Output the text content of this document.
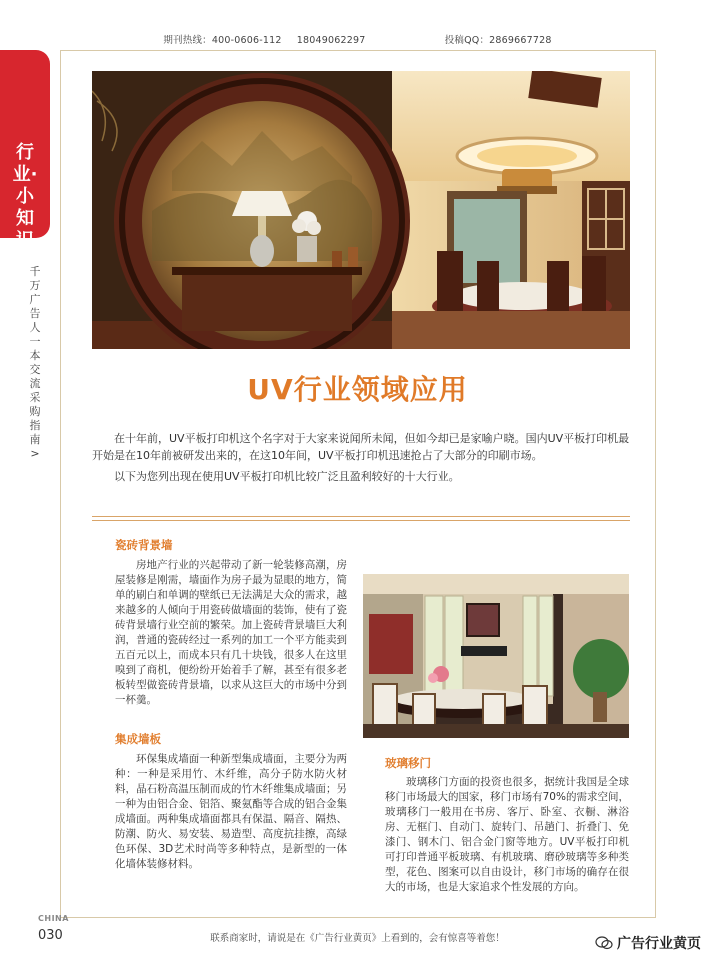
期刊热线：400-0606-112 18049062297	投稿QQ：2869667728
行业·小知识
千万广告人一本交流采购指南 >
UV行业领域应用

在十年前，UV平板打印机这个名字对于大家来说闻所未闻，但如今却已是家喻户晓。国内UV平板打印机最开始是在10年前被研发出来的，在这10年间，UV平板打印机迅速抢占了大部分的印刷市场。

以下为您列出现在使用UV平板打印机比较广泛且盈利较好的十大行业。

瓷砖背景墙

房地产行业的兴起带动了新一轮装修高潮，房屋装修是刚需，墙面作为房子最为显眼的地方，简单的刷白和单调的壁纸已无法满足大众的需求，越来越多的人倾向于用瓷砖做墙面的装饰，使有了瓷砖背景墙行业空前的繁荣。加上瓷砖背景墙巨大利润，普通的瓷砖经过一系列的加工一个平方能卖到五百元以上，而成本只有几十块钱，很多人在这里嗅到了商机，便纷纷开始着手了解，甚至有很多老板转型做瓷砖背景墙，以求从这巨大的市场中分到一杯羹。

集成墙板

环保集成墙面一种新型集成墙面，主要分为两种：一种是采用竹、木纤维，高分子防水防火材料，晶石粉高温压制而成的竹木纤维集成墙面；另一种为由铝合金、铝箔、聚氨酯等合成的铝合金集成墙面。两种集成墙面都具有保温、隔音、隔热、防潮、防火、易安装、易造型、高度抗挂擦，高绿色环保、3D艺术时尚等多种特点，是新型的一体化墙体装修材料。

玻璃移门

玻璃移门方面的投资也很多，据统计我国是全球移门市场最大的国家，移门市场有70%的需求空间，玻璃移门一般用在书房、客厅、卧室、衣橱、淋浴房、无框门、自动门、旋转门、吊趟门、折叠门、免漆门、钢木门、铝合金门窗等地方。UV平板打印机可打印普通平板玻璃、有机玻璃、磨砂玻璃等多种类型，花色、图案可以自由设计，移门市场的确存在很大的市场，也是大家追求个性发展的方向。

CHINA
030	联系商家时，请说是在《广告行业黄页》上看到的，会有惊喜等着您！	广告行业黄页
